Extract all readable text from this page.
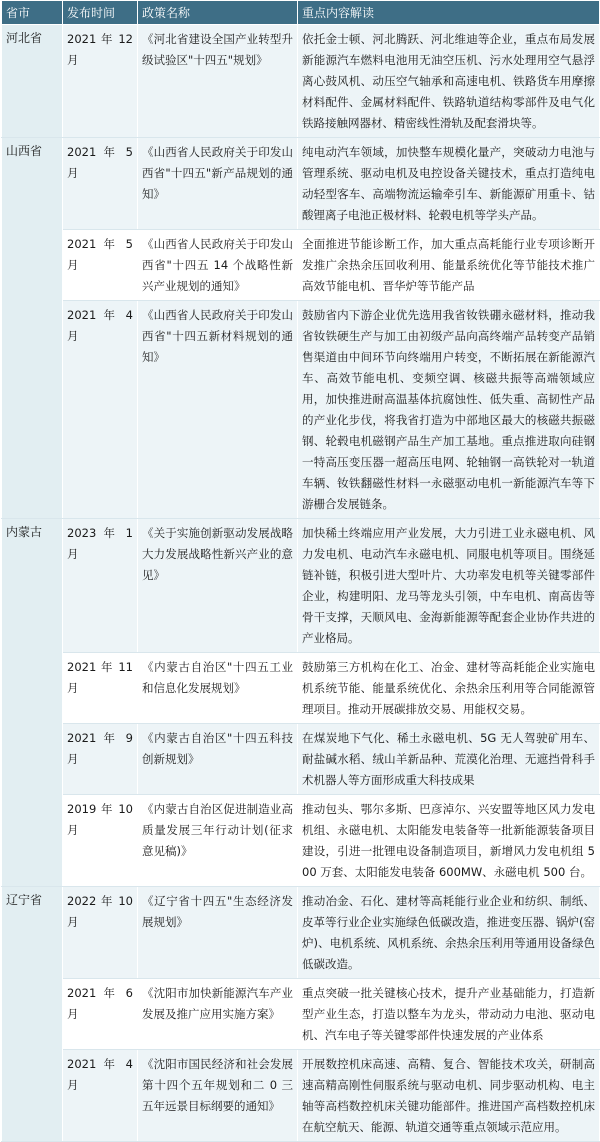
省市	发布时间	政策名称	重点内容解读
河北省	2021 年 12 月	《河北省建设全国产业转型升级试验区"十四五"规划》	依托金士顿、河北腾跃、河北维迪等企业，重点布局发展新能源汽车燃料电池用无油空压机、污水处理用空气悬浮离心鼓风机、动压空气轴承和高速电机、铁路货车用摩擦材料配件、金属材料配件、铁路轨道结构零部件及电气化铁路接触网器材、精密线性滑轨及配套滑块等。
山西省	2021 年 5 月	《山西省人民政府关于印发山西省"十四五"新产品规划的通知》	纯电动汽车领域，加快整车规模化量产，突破动力电池与管理系统、驱动电机及电控设备关键技术，重点打造纯电动轻型客车、高端物流运输牵引车、新能源矿用重卡、钴酸锂离子电池正极材料、轮毂电机等学头产品。
	2021 年 5 月	《山西省人民政府关于印发山西省"十四五 14 个战略性新兴产业规划的通知》	全面推进节能诊断工作，加大重点高耗能行业专项诊断开发推广余热余压回收利用、能量系统优化等节能技术推广高效节能电机、晋华炉等节能产品
	2021 年 4 月	《山西省人民政府关于印发山西省"十四五新材料规划的通知》	鼓励省内下游企业优先选用我省钕铁硼永磁材料，推动我省钕铁硬生产与加工由初级产品向高终端产品转变产品销售渠道由中间环节向终端用户转变，不断拓展在新能源汽车、高效节能电机、变频空调、核磁共振等高端领域应用，加快推进耐高温基体抗腐蚀性、低失重、高韧性产品的产业化步伐，将我省打造为中部地区最大的核磁共振磁钢、轮毂电机磁钢产品生产加工基地。重点推进取向硅钢一特高压变压器一超高压电网、轮轴钢一高铁轮对一轨道车辆、钕铁翻磁性材料一永磁驱动电机一新能源汽车等下游栅合发展链条。
内蒙古	2023 年 1 月	《关于实施创新驱动发展战略大力发展战略性新兴产业的意见》	加快稀土终端应用产业发展，大力引进工业永磁电机、风力发电机、电动汽车永磁电机、同服电机等项目。围绕延链补链，积极引进大型叶片、大功率发电机等关键零部件企业，构建明阳、龙马等龙头引领，中车电机、南高齿等骨干支撑，天顺风电、金海新能源等配套企业协作共进的产业格局。
	2021 年 11 月	《内蒙古自治区"十四五工业和信息化发展规划》	鼓励第三方机构在化工、冶金、建材等高耗能企业实施电机系统节能、能量系统优化、余热余压利用等合同能源管理项目。推动开展碳排放交易、用能权交易。
	2021 年 9 月	《内蒙古自治区"十四五科技创新规划》	在煤炭地下气化、稀土永磁电机、5G 无人驾驶矿用车、耐盐碱水稻、绒山羊新品种、荒漠化治理、无遮挡骨科手术机器人等方面形成重大科技成果
	2019 年 10 月	《内蒙古自治区促进制造业高质量发展三年行动计划(征求意见稿)》	推动包头、鄂尔多斯、巴彦淖尔、兴安盟等地区风力发电机组、永磁电机、太阳能发电装备等一批新能源装备项目建设，引进一批锂电设备制造项目，新增风力发电机组 500 万套、太阳能发电装备 600MW、永磁电机 500 台。
辽宁省	2022 年 10 月	《辽宁省十四五"生态经济发展规划》	推动冶金、石化、建材等高耗能行业企业和纺织、制纸、皮革等行业企业实施绿色低碳改造，推进变压器、锅炉(窑炉)、电机系统、风机系统、余热余压利用等通用设备绿色低碳改造。
	2021 年 6 月	《沈阳市加快新能源汽车产业发展及推广应用实施方案》	重点突破一批关键核心技术，提升产业基础能力，打造新型产业生态，打造以整车为龙头，带动动力电池、驱动电机、汽车电子等关键零部件快速发展的产业体系
	2021 年 4 月	《沈阳市国民经济和社会发展第十四个五年规划和二 0 三五年远景目标纲要的通知》	开展数控机床高速、高精、复合、智能技术攻关，研制高速高精高刚性伺服系统与驱动电机、同步驱动机构、电主轴等高档数控机床关键功能部件。推进国产高档数控机床在航空航天、能源、轨道交通等重点领域示范应用。
